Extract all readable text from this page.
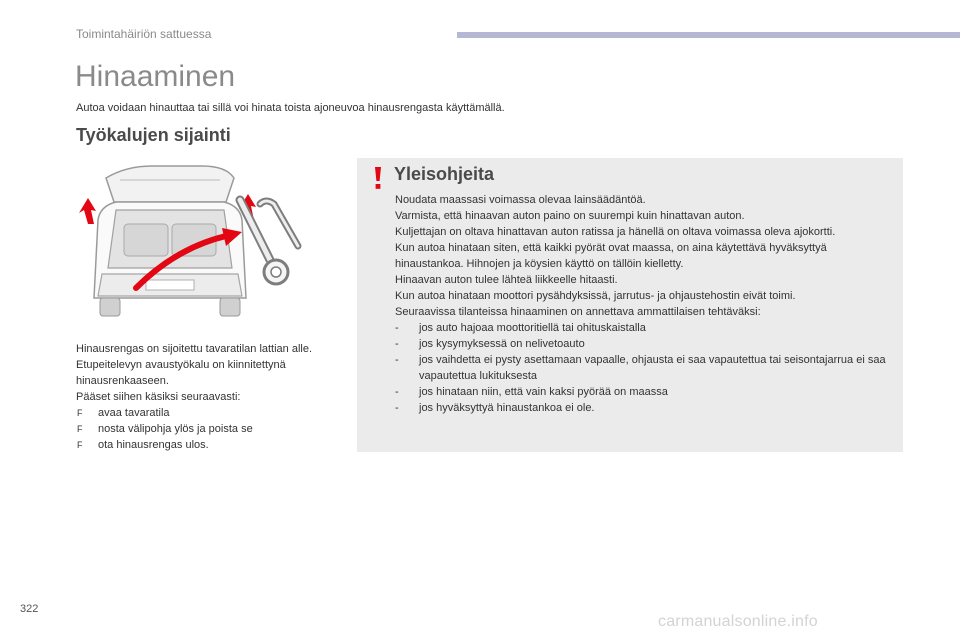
Toimintahäiriön sattuessa
Hinaaminen
Autoa voidaan hinauttaa tai sillä voi hinata toista ajoneuvoa hinausrengasta käyttämällä.
Työkalujen sijainti

Hinausrengas on sijoitettu tavaratilan lattian alle.

Etupeitelevyn avaustyökalu on kiinnitettynä hinausrenkaaseen.

Pääset siihen käsiksi seuraavasti:

F avaa tavaratila
F nosta välipohja ylös ja poista se
F ota hinausrengas ulos.
Yleisohjeita

Noudata maassasi voimassa olevaa lainsäädäntöä.

Varmista, että hinaavan auton paino on suurempi kuin hinattavan auton.

Kuljettajan on oltava hinattavan auton ratissa ja hänellä on oltava voimassa oleva ajokortti.

Kun autoa hinataan siten, että kaikki pyörät ovat maassa, on aina käytettävä hyväksyttyä hinaustankoa. Hihnojen ja köysien käyttö on tällöin kielletty.

Hinaavan auton tulee lähteä liikkeelle hitaasti.

Kun autoa hinataan moottori pysähdyksissä, jarrutus- ja ohjaustehostin eivät toimi.

Seuraavissa tilanteissa hinaaminen on annettava ammattilaisen tehtäväksi:

- jos auto hajoaa moottoritiellä tai ohituskaistalla
- jos kysymyksessä on nelivetoauto
- jos vaihdetta ei pysty asettamaan vapaalle, ohjausta ei saa vapautettua tai seisontajarrua ei saa vapautettua lukituksesta
- jos hinataan niin, että vain kaksi pyörää on maassa
- jos hyväksyttyä hinaustankoa ei ole.
322
carmanualsonline.info
